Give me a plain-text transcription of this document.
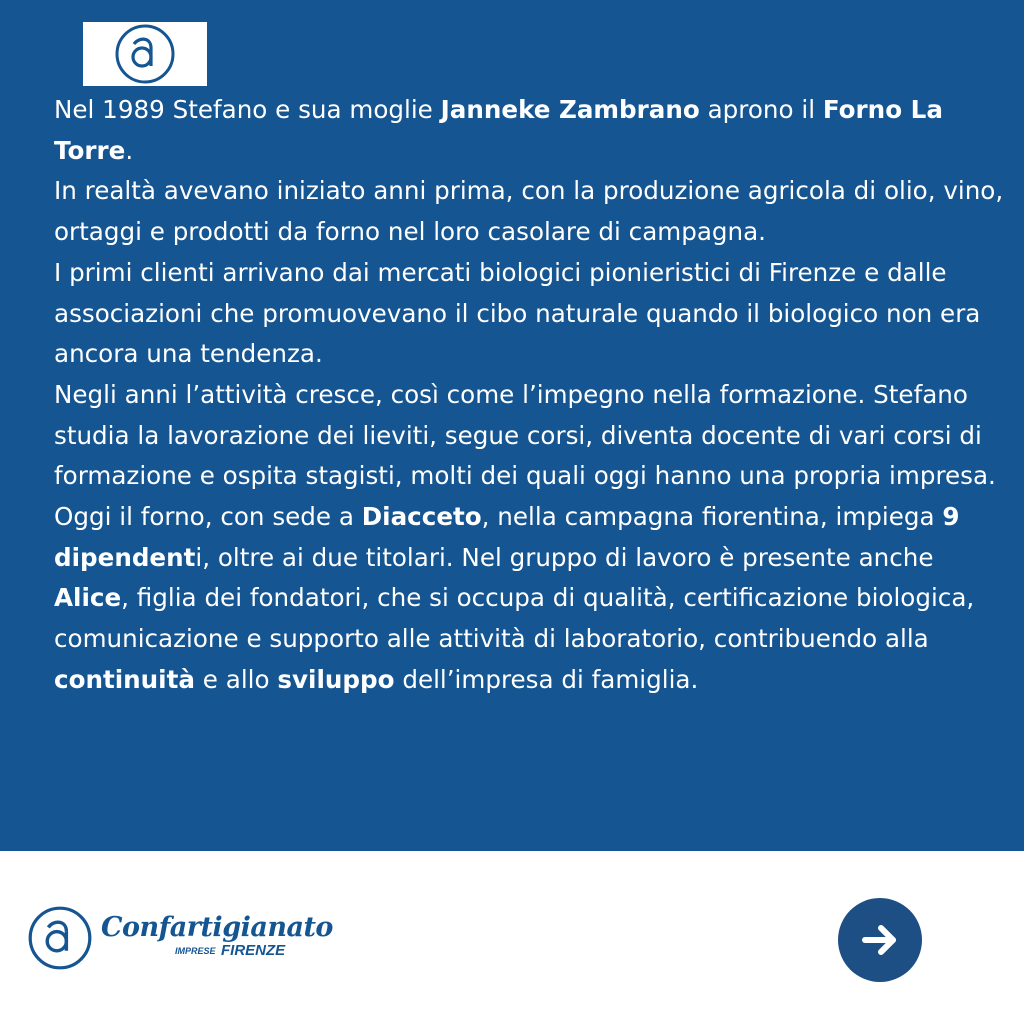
Nel 1989 Stefano e sua moglie Janneke Zambrano aprono il Forno La Torre.

In realtà avevano iniziato anni prima, con la produzione agricola di olio, vino, ortaggi e prodotti da forno nel loro casolare di campagna.

I primi clienti arrivano dai mercati biologici pionieristici di Firenze e dalle associazioni che promuovevano il cibo naturale quando il biologico non era ancora una tendenza.

Negli anni l’attività cresce, così come l’impegno nella formazione. Stefano studia la lavorazione dei lieviti, segue corsi, diventa docente di vari corsi di formazione e ospita stagisti, molti dei quali oggi hanno una propria impresa.

Oggi il forno, con sede a Diacceto, nella campagna fiorentina, impiega 9 dipendenti, oltre ai due titolari. Nel gruppo di lavoro è presente anche Alice, figlia dei fondatori, che si occupa di qualità, certificazione biologica, comunicazione e supporto alle attività di laboratorio, contribuendo alla continuità e allo sviluppo dell’impresa di famiglia.

Confartigianato
IMPRESE FIRENZE
